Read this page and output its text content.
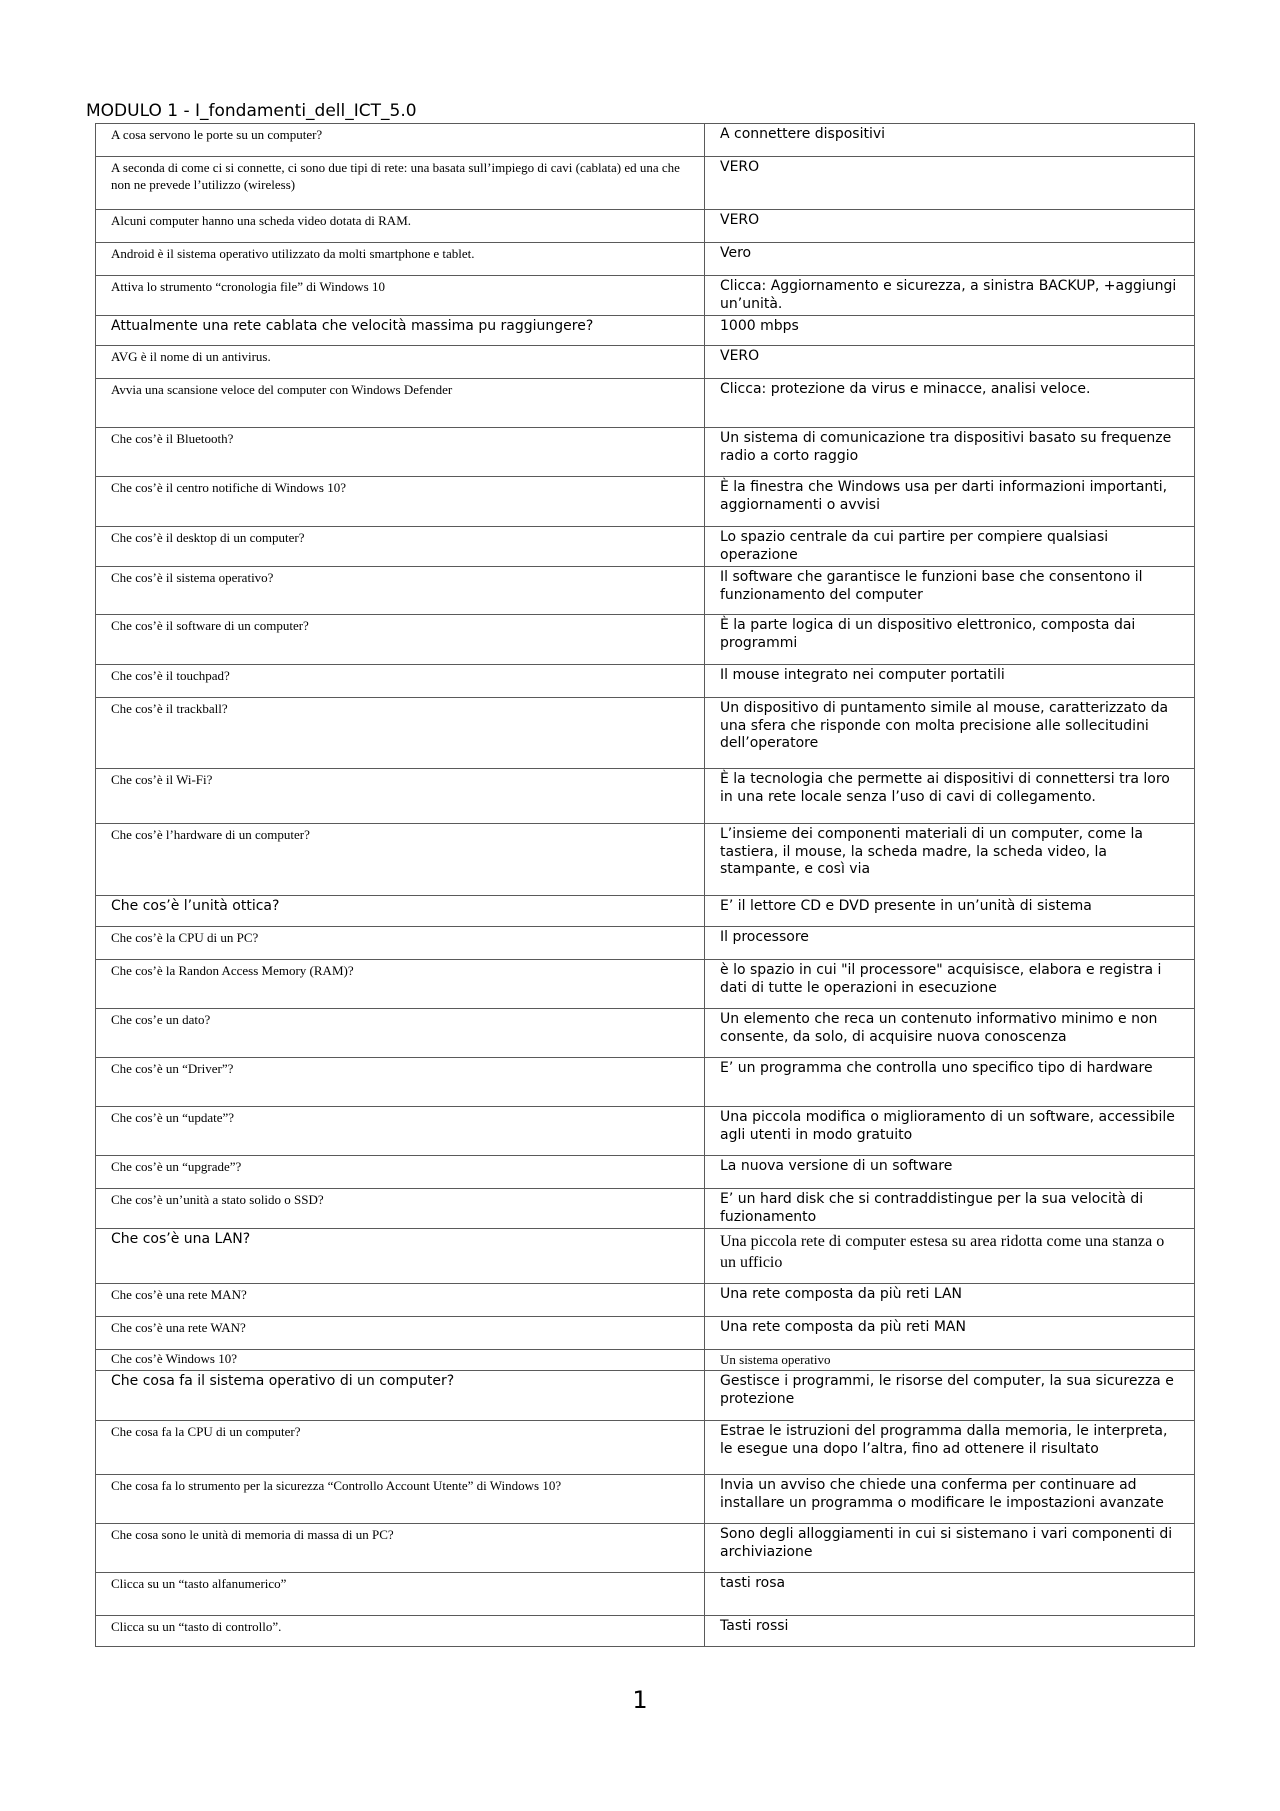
MODULO 1 - I_fondamenti_dell_ICT_5.0
A cosa servono le porte su un computer?	A connettere dispositivi
A seconda di come ci si connette, ci sono due tipi di rete: una basata sull’impiego di cavi (cablata) ed una che non ne prevede l’utilizzo (wireless)	VERO
Alcuni computer hanno una scheda video dotata di RAM.	VERO
Android è il sistema operativo utilizzato da molti smartphone e tablet.	Vero
Attiva lo strumento “cronologia file” di Windows 10	Clicca: Aggiornamento e sicurezza, a sinistra BACKUP, +aggiungi un’unità.
Attualmente una rete cablata che velocità massima pu raggiungere?	1000 mbps
AVG è il nome di un antivirus.	VERO
Avvia una scansione veloce del computer con Windows Defender	Clicca: protezione da virus e minacce, analisi veloce.
Che cos’è il Bluetooth?	Un sistema di comunicazione tra dispositivi basato su frequenze radio a corto raggio
Che cos’è il centro notifiche di Windows 10?	È la finestra che Windows usa per darti informazioni importanti, aggiornamenti o avvisi
Che cos’è il desktop di un computer?	Lo spazio centrale da cui partire per compiere qualsiasi operazione
Che cos’è il sistema operativo?	Il software che garantisce le funzioni base che consentono il funzionamento del computer
Che cos’è il software di un computer?	È la parte logica di un dispositivo elettronico, composta dai programmi
Che cos’è il touchpad?	Il mouse integrato nei computer portatili
Che cos’è il trackball?	Un dispositivo di puntamento simile al mouse, caratterizzato da una sfera che risponde con molta precisione alle sollecitudini dell’operatore
Che cos’è il Wi-Fi?	È la tecnologia che permette ai dispositivi di connettersi tra loro in una rete locale senza l’uso di cavi di collegamento.
Che cos’è l’hardware di un computer?	L’insieme dei componenti materiali di un computer, come la tastiera, il mouse, la scheda madre, la scheda video, la stampante, e così via
Che cos’è l’unità ottica?	E’ il lettore CD e DVD presente in un’unità di sistema
Che cos’è la CPU di un PC?	Il processore
Che cos’è la Randon Access Memory (RAM)?	è lo spazio in cui "il processore" acquisisce, elabora e registra i dati di tutte le operazioni in esecuzione
Che cos’e un dato?	Un elemento che reca un contenuto informativo minimo e non consente, da solo, di acquisire nuova conoscenza
Che cos’è un “Driver”?	E’ un programma che controlla uno specifico tipo di hardware
Che cos’è un “update”?	Una piccola modifica o miglioramento di un software, accessibile agli utenti in modo gratuito
Che cos’è un “upgrade”?	La nuova versione di un software
Che cos’è un’unità a stato solido o SSD?	E’ un hard disk che si contraddistingue per la sua velocità di fuzionamento
Che cos’è una LAN?	Una piccola rete di computer estesa su area ridotta come una stanza o un ufficio
Che cos’è una rete MAN?	Una rete composta da più reti LAN
Che cos’è una rete WAN?	Una rete composta da più reti MAN
Che cos’è Windows 10?	Un sistema operativo
Che cosa fa il sistema operativo di un computer?	Gestisce i programmi, le risorse del computer, la sua sicurezza e protezione
Che cosa fa la CPU di un computer?	Estrae le istruzioni del programma dalla memoria, le interpreta, le esegue una dopo l’altra, fino ad ottenere il risultato
Che cosa fa lo strumento per la sicurezza “Controllo Account Utente” di Windows 10?	Invia un avviso che chiede una conferma per continuare ad installare un programma o modificare le impostazioni avanzate
Che cosa sono le unità di memoria di massa di un PC?	Sono degli alloggiamenti in cui si sistemano i vari componenti di archiviazione
Clicca su un “tasto alfanumerico”	tasti rosa
Clicca su un “tasto di controllo”.	Tasti rossi
1
